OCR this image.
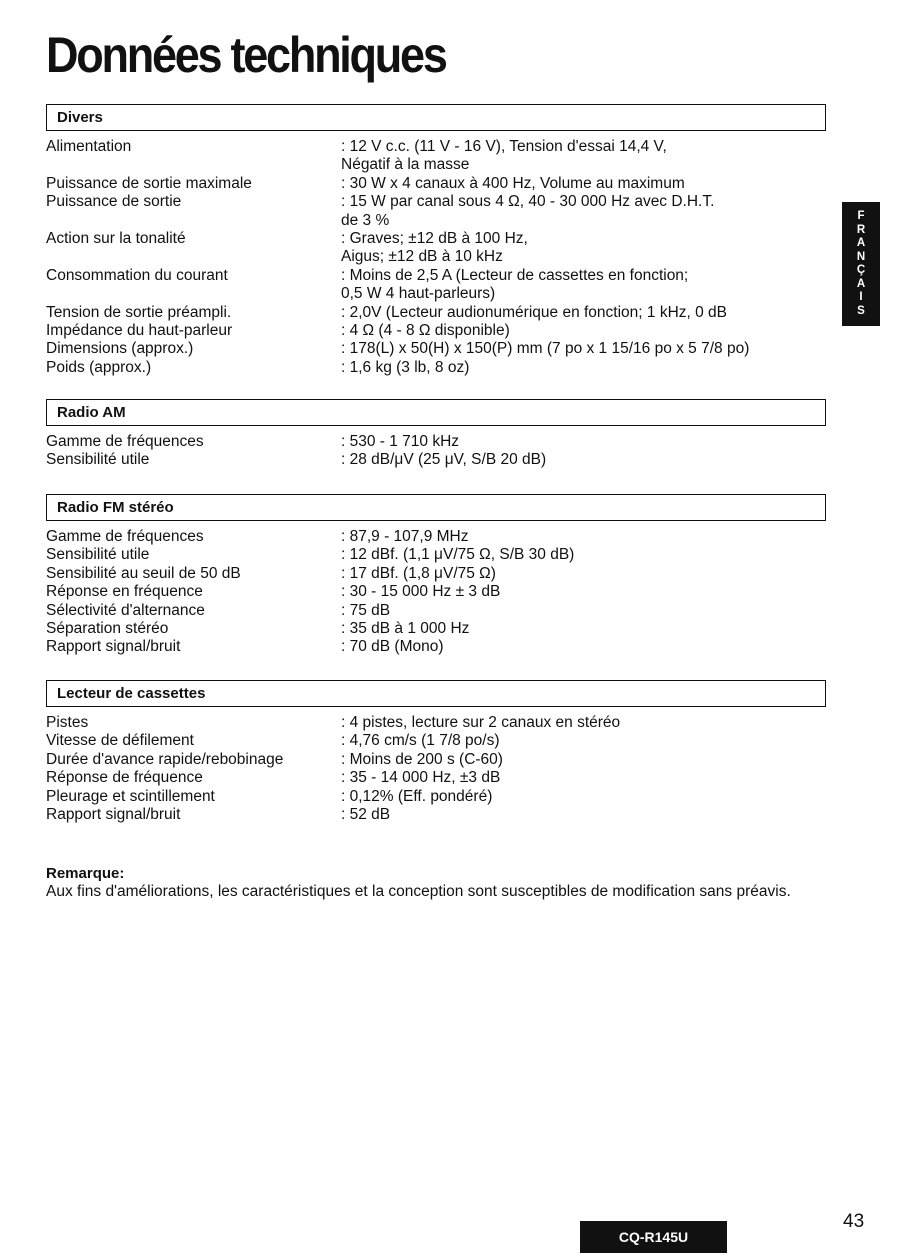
Données techniques
Divers
Alimentation	: 12 V c.c. (11 V - 16 V), Tension d'essai 14,4 V,
Négatif à la masse
Puissance de sortie maximale	: 30 W x 4 canaux à 400 Hz, Volume au maximum
Puissance de sortie	: 15 W par canal sous 4 Ω, 40 - 30 000 Hz avec D.H.T.
de 3 %
Action sur la tonalité	: Graves; ±12 dB à 100 Hz,
Aigus; ±12 dB à 10 kHz
Consommation du courant	: Moins de 2,5 A (Lecteur de cassettes en fonction;
0,5 W 4 haut-parleurs)
Tension de sortie préampli.	: 2,0V (Lecteur audionumérique en fonction; 1 kHz, 0 dB
Impédance du haut-parleur	: 4 Ω (4 - 8 Ω disponible)
Dimensions (approx.)	: 178(L) x 50(H) x 150(P) mm (7 po x 1 15/16 po x 5 7/8 po)
Poids (approx.)	: 1,6 kg (3 lb, 8 oz)
Radio AM
Gamme de fréquences	: 530 - 1 710 kHz
Sensibilité utile	: 28 dB/μV (25 μV, S/B 20 dB)
Radio FM stéréo
Gamme de fréquences	: 87,9 - 107,9 MHz
Sensibilité utile	: 12 dBf. (1,1 μV/75 Ω, S/B 30 dB)
Sensibilité au seuil de 50 dB	: 17 dBf. (1,8 μV/75 Ω)
Réponse en fréquence	: 30 - 15 000 Hz ± 3 dB
Sélectivité d'alternance	: 75 dB
Séparation stéréo	: 35 dB à 1 000 Hz
Rapport signal/bruit	: 70 dB (Mono)
Lecteur de cassettes
Pistes	: 4 pistes, lecture sur 2 canaux en stéréo
Vitesse de défilement	: 4,76 cm/s (1 7/8 po/s)
Durée d'avance rapide/rebobinage	: Moins de 200 s (C-60)
Réponse de fréquence	: 35 - 14 000 Hz, ±3 dB
Pleurage et scintillement	: 0,12% (Eff. pondéré)
Rapport signal/bruit	: 52 dB
Remarque:
Aux fins d'améliorations, les caractéristiques et la conception sont susceptibles de modification sans préavis.
F
R
A
N
Ç
A
I
S
CQ-R145U
43
